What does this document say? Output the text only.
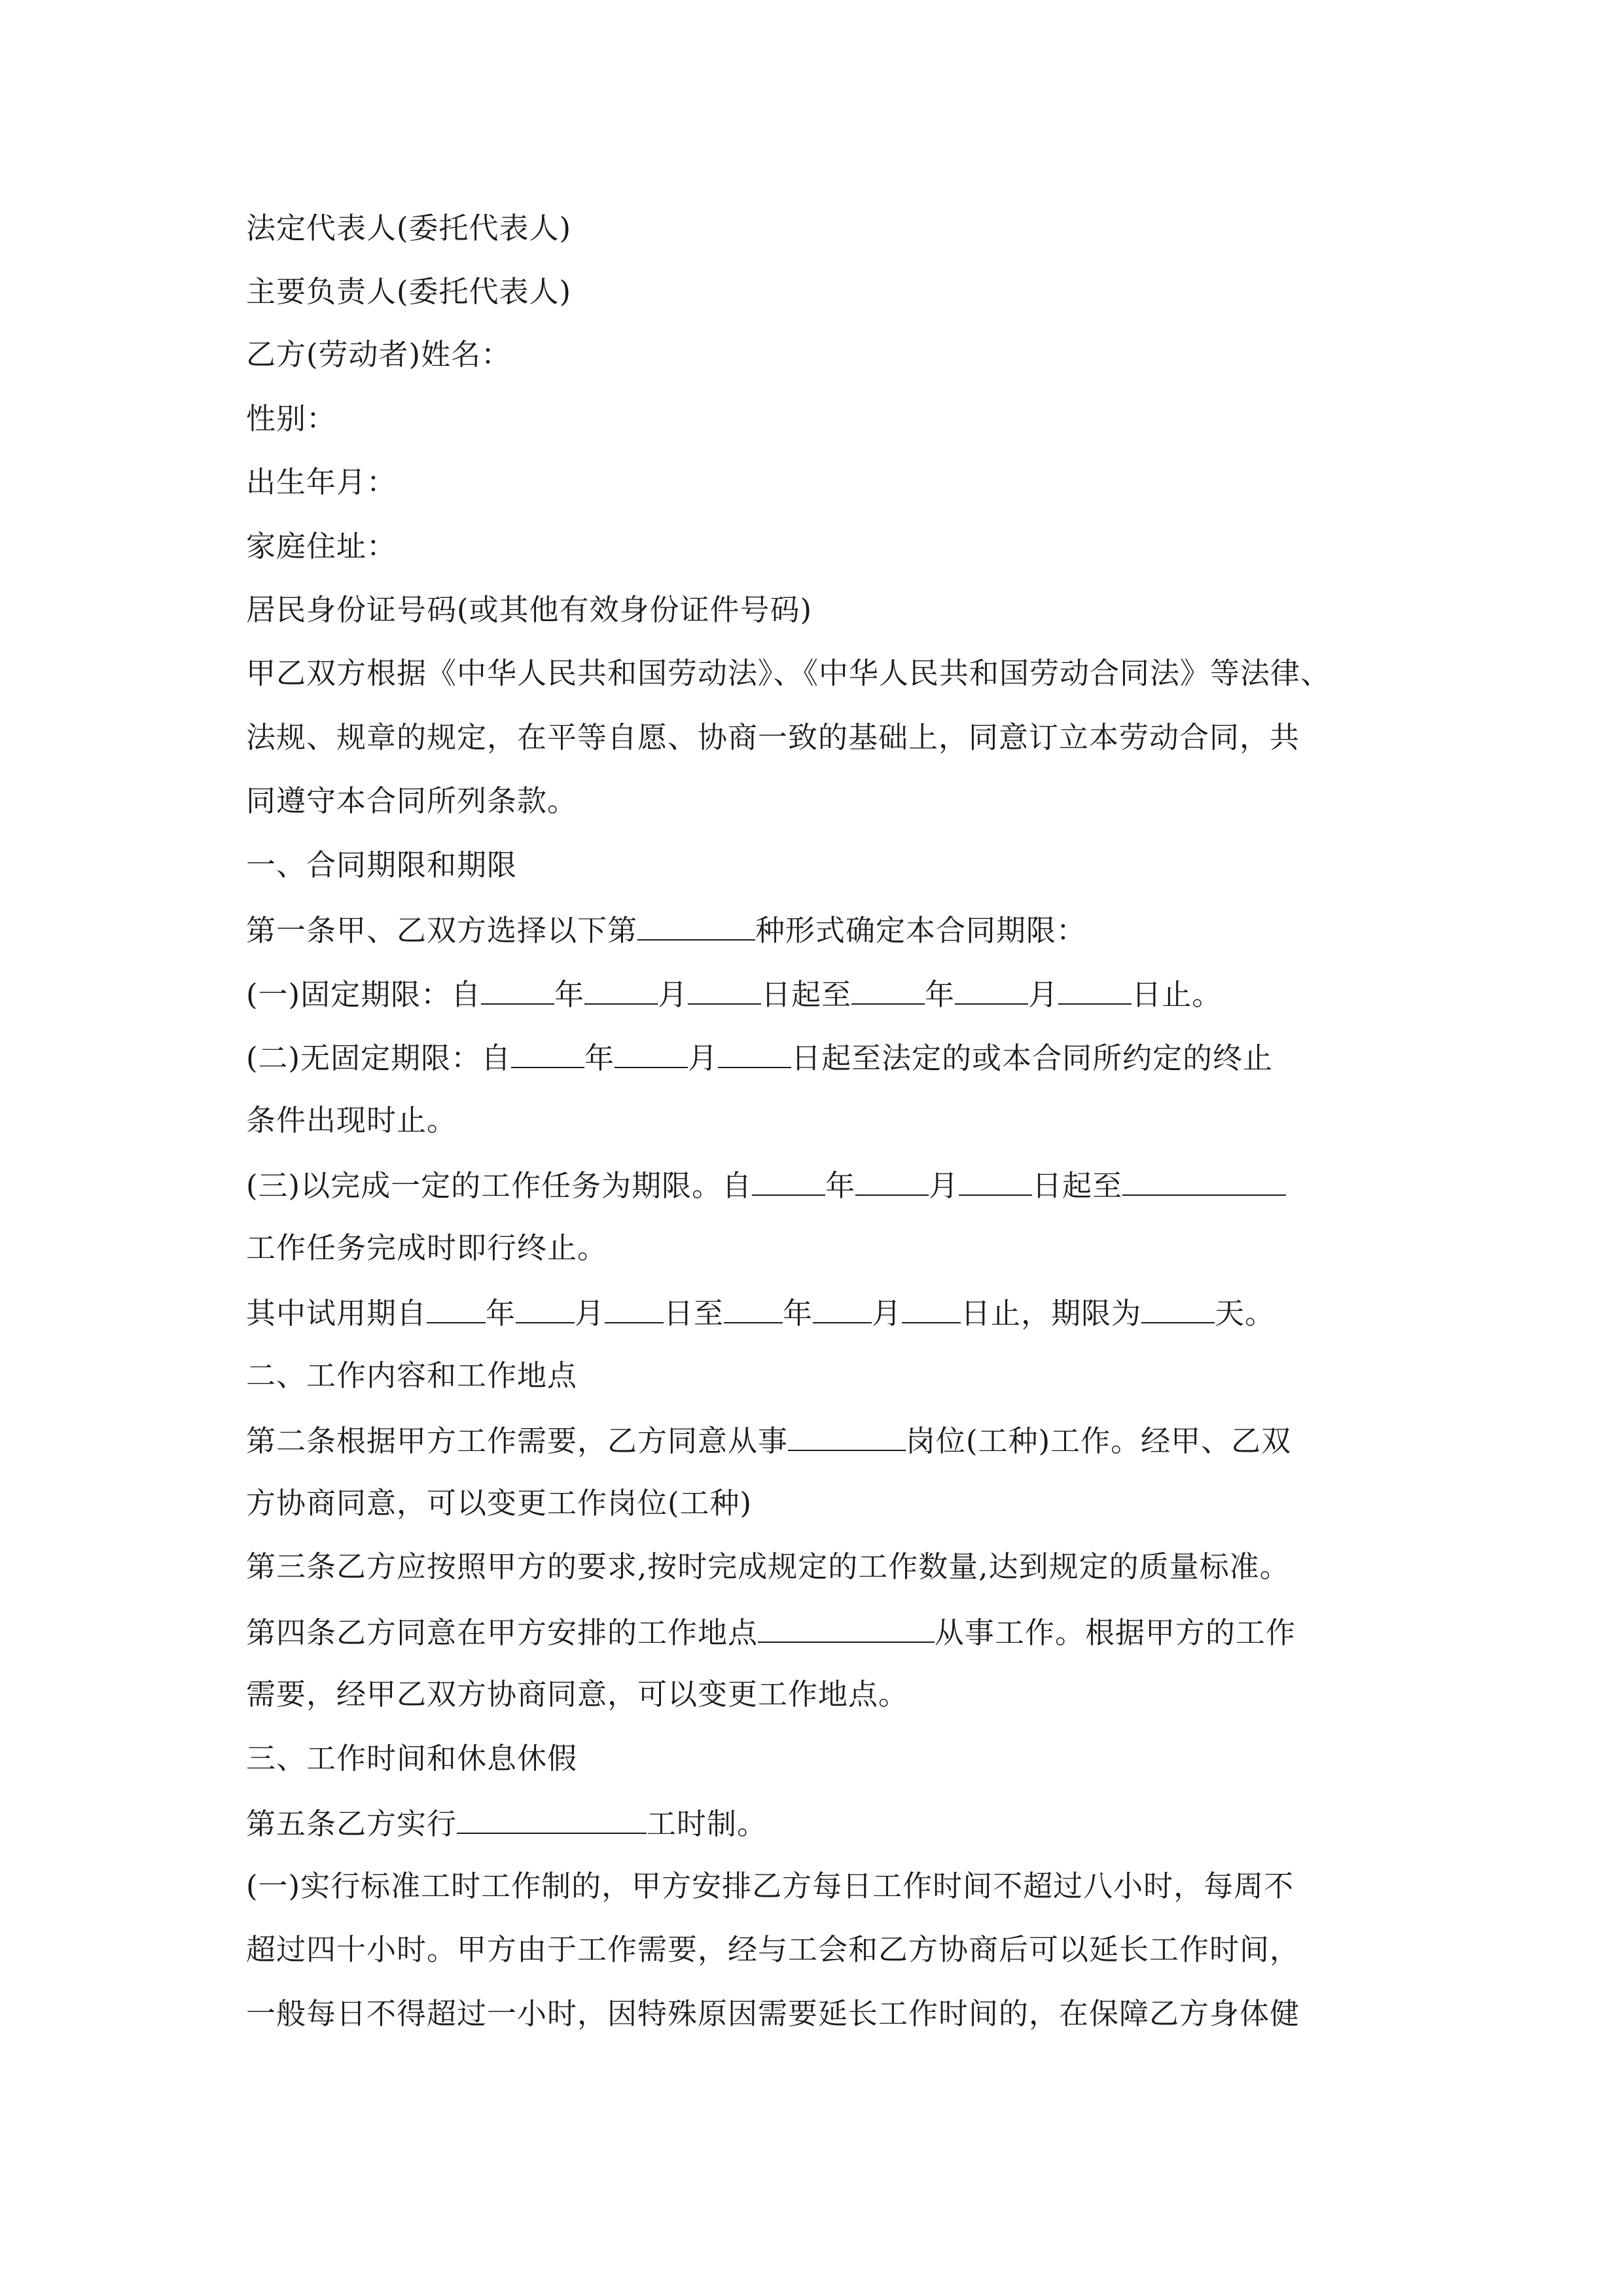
法定代表人(委托代表人)
主要负责人(委托代表人)
乙方(劳动者)姓名：
性别：
出生年月：
家庭住址：
居民身份证号码(或其他有效身份证件号码)
甲乙双方根据《中华人民共和国劳动法》、《中华人民共和国劳动合同法》等法律、
法规、规章的规定，在平等自愿、协商一致的基础上，同意订立本劳动合同，共
同遵守本合同所列条款。
一、合同期限和期限
第一条甲、乙双方选择以下第	种形式确定本合同期限：
(一)固定期限：自 年 月 日起至 年 月 日止。
(二)无固定期限：自 年 月 日起至法定的或本合同所约定的终止
条件出现时止。
(三)以完成一定的工作任务为期限。自 年 月 日起至
工作任务完成时即行终止。
其中试用期自 年 月 日至 年 月 日止，期限为 天。
二、工作内容和工作地点
第二条根据甲方工作需要，乙方同意从事	岗位(工种)工作。经甲、乙双
方协商同意，可以变更工作岗位(工种)
第三条乙方应按照甲方的要求,按时完成规定的工作数量,达到规定的质量标准。
第四条乙方同意在甲方安排的工作地点	从事工作。根据甲方的工作
需要，经甲乙双方协商同意，可以变更工作地点。
三、工作时间和休息休假
第五条乙方实行	工时制。
(一)实行标准工时工作制的，甲方安排乙方每日工作时间不超过八小时，每周不
超过四十小时。甲方由于工作需要，经与工会和乙方协商后可以延长工作时间，
一般每日不得超过一小时，因特殊原因需要延长工作时间的，在保障乙方身体健
